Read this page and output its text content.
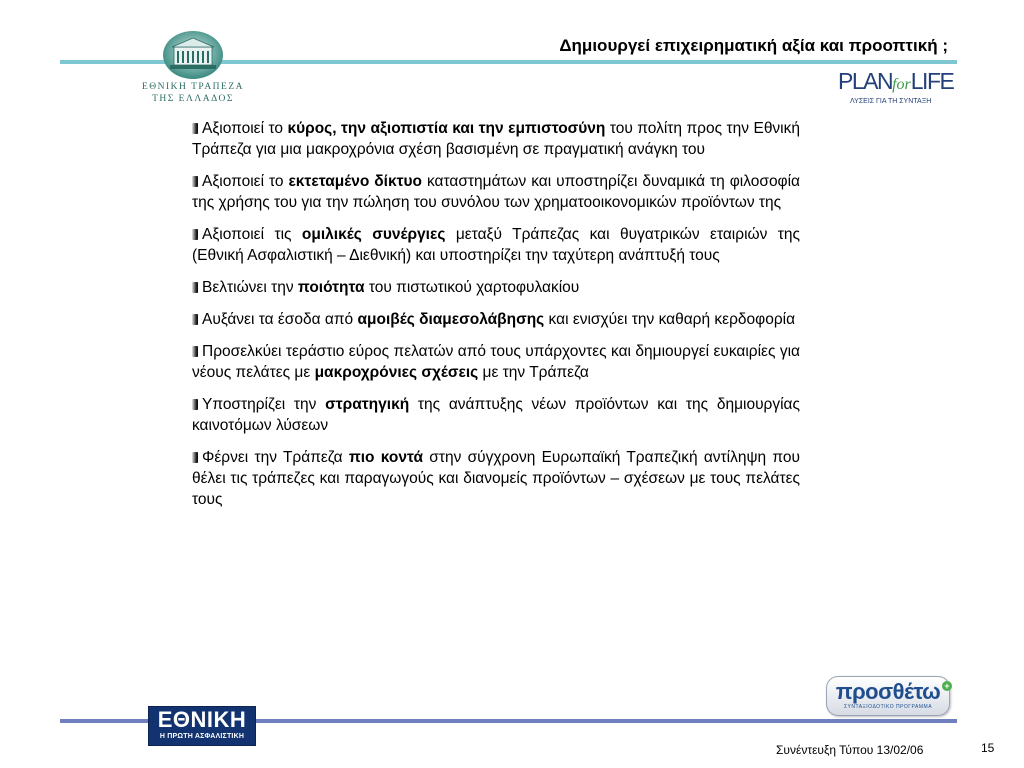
ΕΘΝΙΚΗ ΤΡΑΠΕΖΑ
ΤΗΣ ΕΛΛΑΔΟΣ
Δημιουργεί επιχειρηματική αξία και προοπτική ;
PLANforLIFE
ΛΥΣΕΙΣ ΓΙΑ ΤΗ ΣΥΝΤΑΞΗ
Αξιοποιεί το κύρος, την αξιοπιστία και την εμπιστοσύνη του πολίτη προς την Εθνική Τράπεζα για μια μακροχρόνια σχέση βασισμένη σε πραγματική ανάγκη του
Αξιοποιεί το εκτεταμένο δίκτυο καταστημάτων και υποστηρίζει δυναμικά τη φιλοσοφία της χρήσης του για την πώληση του συνόλου των χρηματοοικονομικών προϊόντων της
Αξιοποιεί τις ομιλικές συνέργιες μεταξύ Τράπεζας και θυγατρικών εταιριών της (Εθνική Ασφαλιστική – Διεθνική) και υποστηρίζει την ταχύτερη ανάπτυξή τους
Βελτιώνει την ποιότητα του πιστωτικού χαρτοφυλακίου
Αυξάνει τα έσοδα από αμοιβές διαμεσολάβησης και ενισχύει την καθαρή κερδοφορία
Προσελκύει τεράστιο εύρος πελατών από τους υπάρχοντες και δημιουργεί ευκαιρίες για νέους πελάτες με μακροχρόνιες σχέσεις με την Τράπεζα
Υποστηρίζει την στρατηγική της ανάπτυξης νέων προϊόντων και της δημιουργίας καινοτόμων λύσεων
Φέρνει την Τράπεζα πιο κοντά στην σύγχρονη Ευρωπαϊκή Τραπεζική αντίληψη που θέλει τις τράπεζες και παραγωγούς και διανομείς προϊόντων – σχέσεων με τους πελάτες τους
προσθέτω
ΣΥΝΤΑΞΙΟΔΟΤΙΚΟ ΠΡΟΓΡΑΜΜΑ
+
ΕΘΝΙΚΗ
Η ΠΡΩΤΗ ΑΣΦΑΛΙΣΤΙΚΗ
Συνέντευξη Τύπου 13/02/06	15
